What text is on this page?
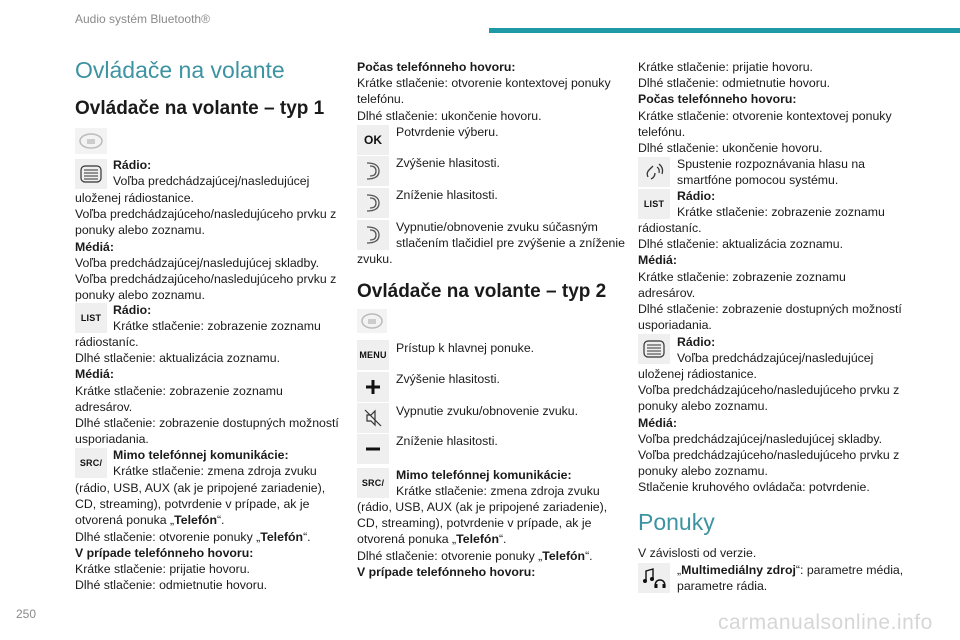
Audio systém Bluetooth®
Ovládače na volante
Ovládače na volante – typ 1
Rádio:
Voľba predchádzajúcej/nasledujúcej
uloženej rádiostanice.
Voľba predchádzajúceho/nasledujúceho prvku z
ponuky alebo zoznamu.
Médiá:
Voľba predchádzajúcej/nasledujúcej skladby.
Voľba predchádzajúceho/nasledujúceho prvku z
ponuky alebo zoznamu.
LIST
Rádio:
Krátke stlačenie: zobrazenie zoznamu
rádiostaníc.
Dlhé stlačenie: aktualizácia zoznamu.
Médiá:
Krátke stlačenie: zobrazenie zoznamu
adresárov.
Dlhé stlačenie: zobrazenie dostupných možností
usporiadania.
SRC /
Mimo telefónnej komunikácie:
Krátke stlačenie: zmena zdroja zvuku
(rádio, USB, AUX (ak je pripojené zariadenie),
CD, streaming), potvrdenie v prípade, ak je
otvorená ponuka „Telefón“.
Dlhé stlačenie: otvorenie ponuky „Telefón“.
V prípade telefónneho hovoru:
Krátke stlačenie: prijatie hovoru.
Dlhé stlačenie: odmietnutie hovoru.
Počas telefónneho hovoru:
Krátke stlačenie: otvorenie kontextovej ponuky
telefónu.
Dlhé stlačenie: ukončenie hovoru.
OK
Potvrdenie výberu.
Zvýšenie hlasitosti.
Zníženie hlasitosti.
Vypnutie/obnovenie zvuku súčasným
stlačením tlačidiel pre zvýšenie a zníženie
zvuku.
Ovládače na volante – typ 2
MENU Prístup k hlavnej ponuke.
Zvýšenie hlasitosti.
Vypnutie zvuku/obnovenie zvuku.
Zníženie hlasitosti.
SRC /
Mimo telefónnej komunikácie:
Krátke stlačenie: zmena zdroja zvuku
(rádio, USB, AUX (ak je pripojené zariadenie),
CD, streaming), potvrdenie v prípade, ak je
otvorená ponuka „Telefón“.
Dlhé stlačenie: otvorenie ponuky „Telefón“.
V prípade telefónneho hovoru:
Krátke stlačenie: prijatie hovoru.
Dlhé stlačenie: odmietnutie hovoru.
Počas telefónneho hovoru:
Krátke stlačenie: otvorenie kontextovej ponuky
telefónu.
Dlhé stlačenie: ukončenie hovoru.
Spustenie rozpoznávania hlasu na
smartfóne pomocou systému.
LIST
Rádio:
Krátke stlačenie: zobrazenie zoznamu
rádiostaníc.
Dlhé stlačenie: aktualizácia zoznamu.
Médiá:
Krátke stlačenie: zobrazenie zoznamu
adresárov.
Dlhé stlačenie: zobrazenie dostupných možností
usporiadania.
Rádio:
Voľba predchádzajúcej/nasledujúcej
uloženej rádiostanice.
Voľba predchádzajúceho/nasledujúceho prvku z
ponuky alebo zoznamu.
Médiá:
Voľba predchádzajúcej/nasledujúcej skladby.
Voľba predchádzajúceho/nasledujúceho prvku z
ponuky alebo zoznamu.
Stlačenie kruhového ovládača: potvrdenie.
Ponuky
V závislosti od verzie.
„Multimediálny zdroj“: parametre média,
parametre rádia.
250	carmanualsonline.info
